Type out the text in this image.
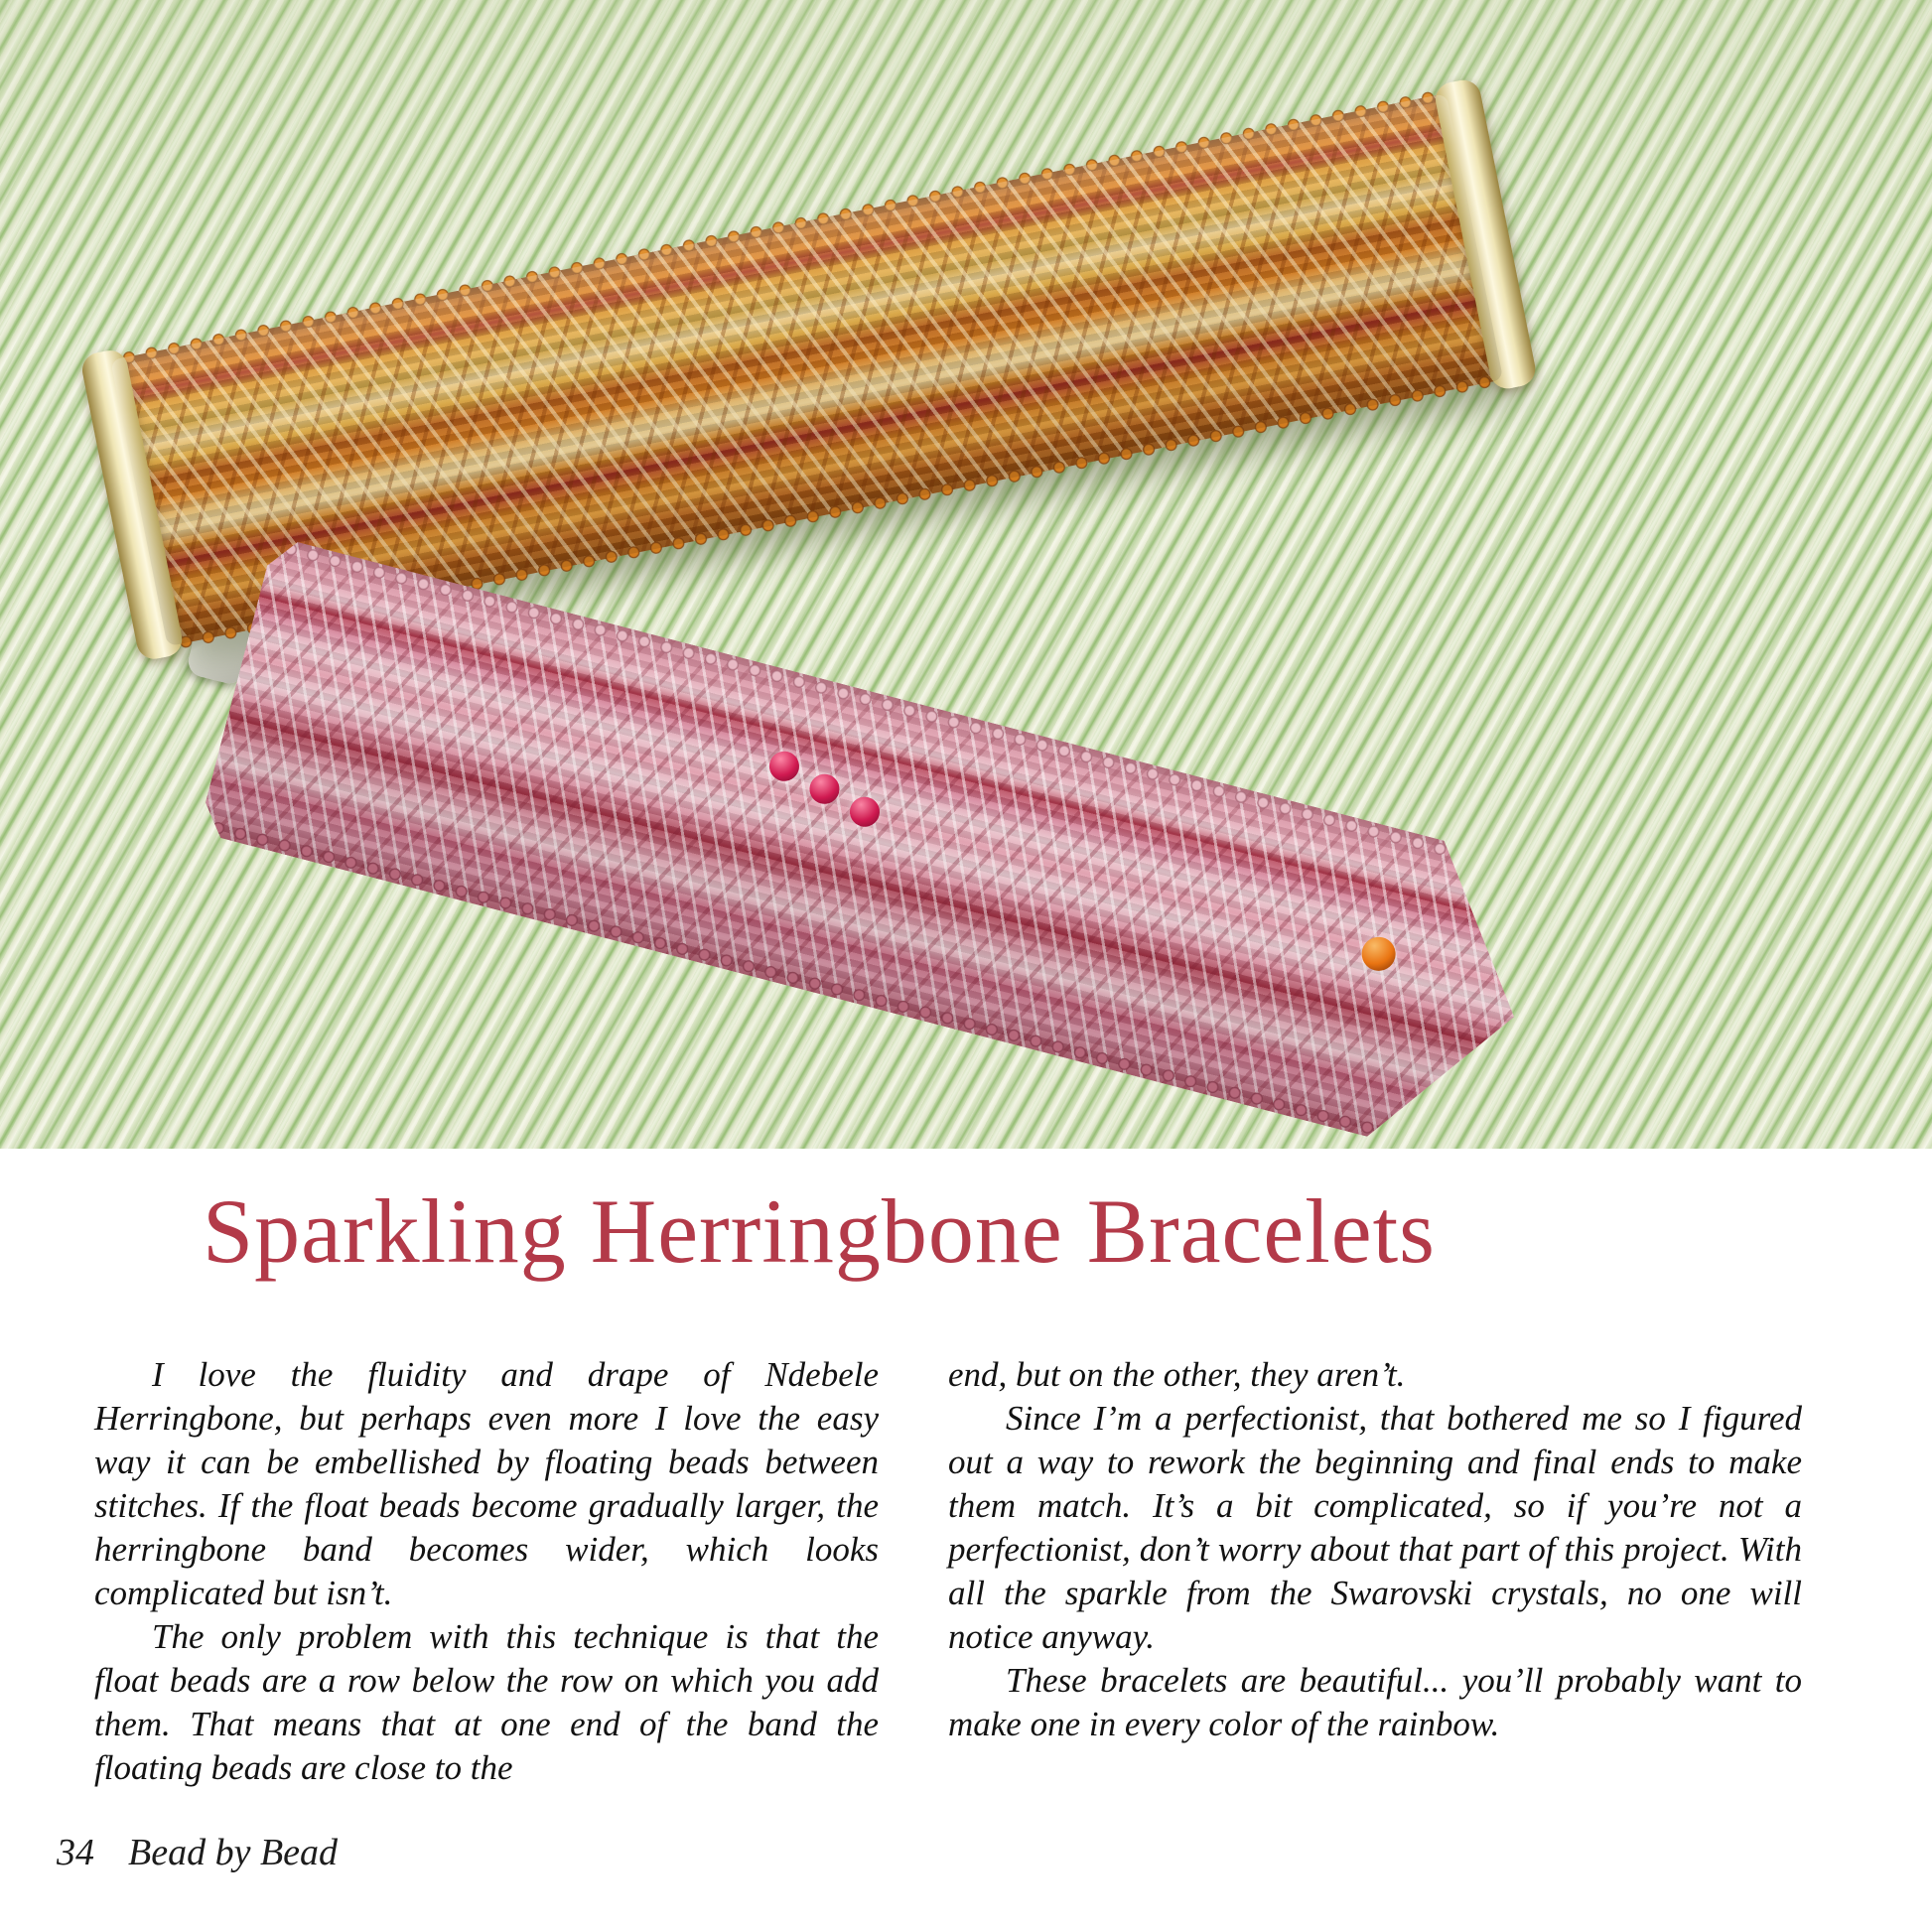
Sparkling Herringbone Bracelets

I love the fluidity and drape of Ndebele Herringbone, but perhaps even more I love the easy way it can be embellished by floating beads between stitches. If the float beads become gradually larger, the herringbone band becomes wider, which looks complicated but isn’t.

The only problem with this technique is that the float beads are a row below the row on which you add them. That means that at one end of the band the floating beads are close to the

end, but on the other, they aren’t.

Since I’m a perfectionist, that bothered me so I figured out a way to rework the beginning and final ends to make them match. It’s a bit complicated, so if you’re not a perfectionist, don’t worry about that part of this project. With all the sparkle from the Swarovski crystals, no one will notice anyway.

These bracelets are beautiful... you’ll probably want to make one in every color of the rainbow.

34 Bead by Bead
